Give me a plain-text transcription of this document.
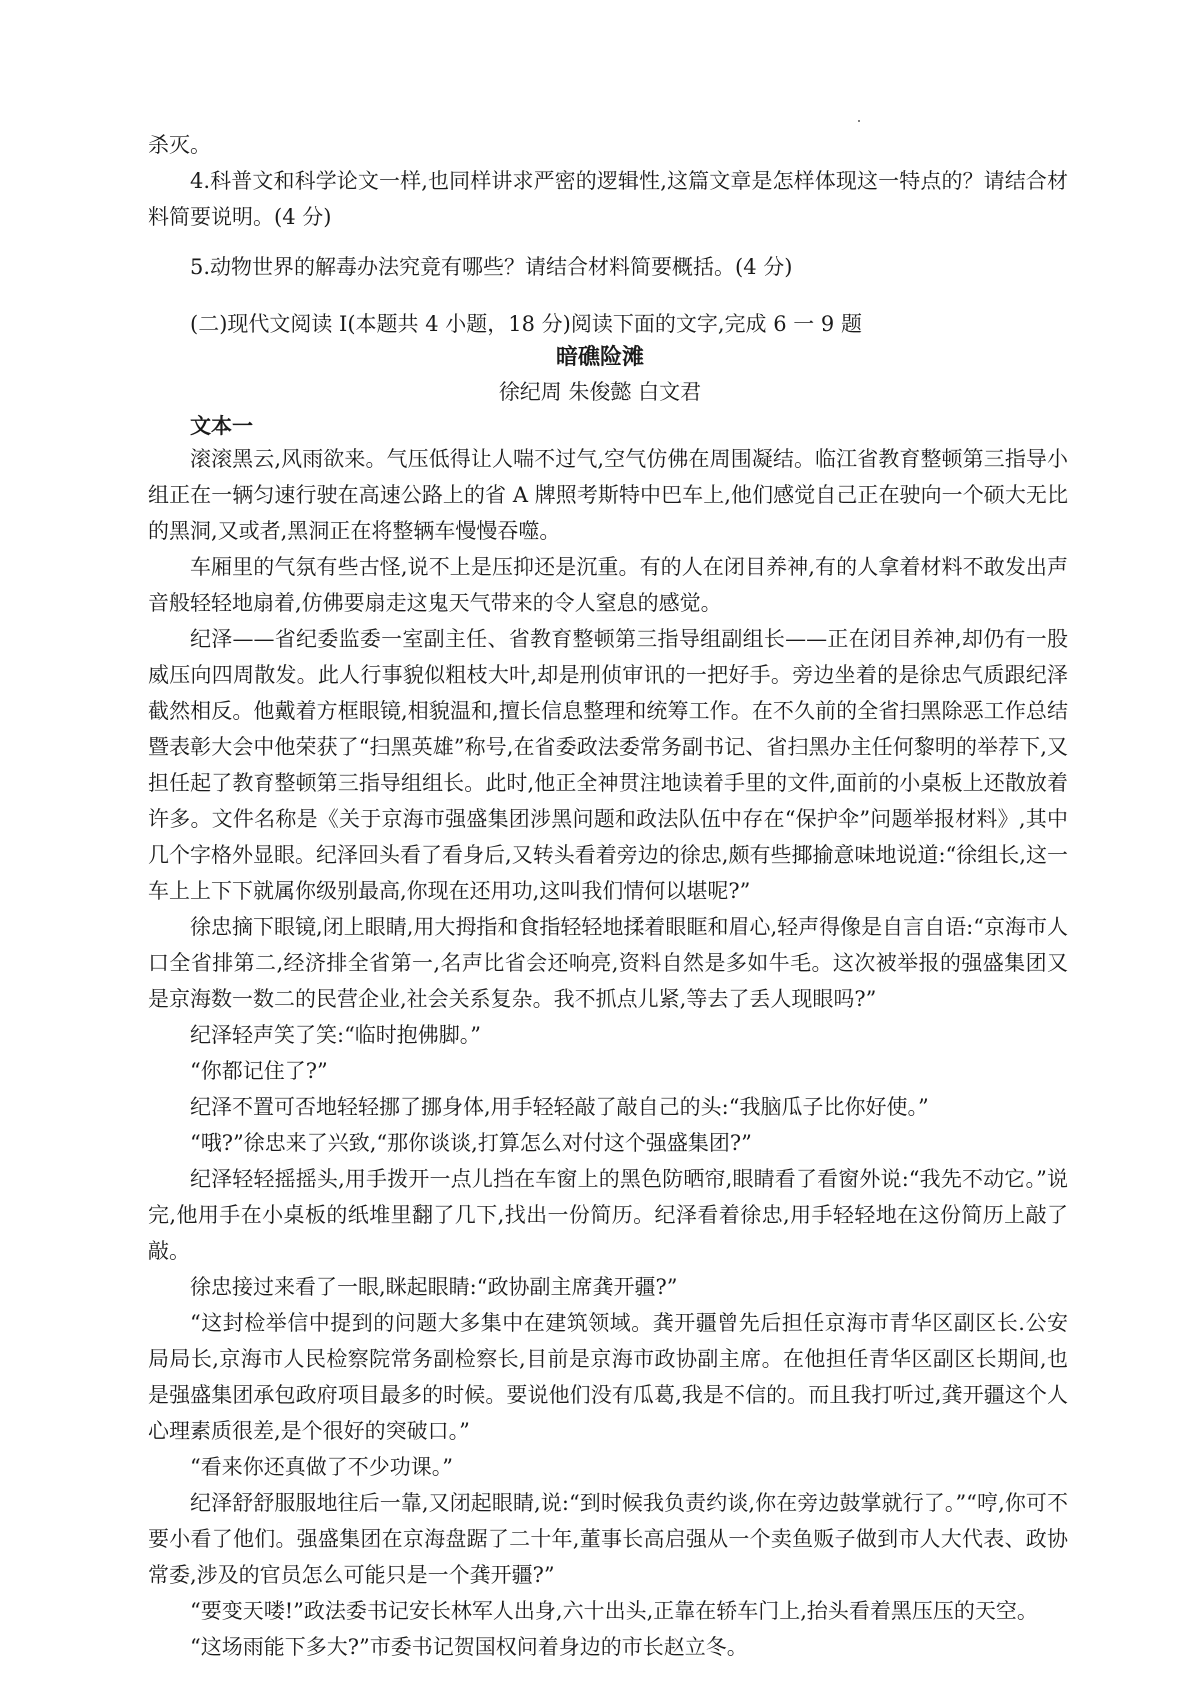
杀灭。

4.科普文和科学论文一样,也同样讲求严密的逻辑性,这篇文章是怎样体现这一特点的？请结合材料简要说明。(4 分)

5.动物世界的解毒办法究竟有哪些？请结合材料简要概括。(4 分)

(二)现代文阅读 I(本题共 4 小题，18 分)阅读下面的文字,完成 6 一 9 题

暗礁险滩
徐纪周 朱俊懿 白文君
文本一

滚滚黑云,风雨欲来。气压低得让人喘不过气,空气仿佛在周围凝结。临江省教育整顿第三指导小组正在一辆匀速行驶在高速公路上的省 A 牌照考斯特中巴车上,他们感觉自己正在驶向一个硕大无比的黑洞,又或者,黑洞正在将整辆车慢慢吞噬。

车厢里的气氛有些古怪,说不上是压抑还是沉重。有的人在闭目养神,有的人拿着材料不敢发出声音般轻轻地扇着,仿佛要扇走这鬼天气带来的令人窒息的感觉。

纪泽——省纪委监委一室副主任、省教育整顿第三指导组副组长——正在闭目养神,却仍有一股威压向四周散发。此人行事貌似粗枝大叶,却是刑侦审讯的一把好手。旁边坐着的是徐忠气质跟纪泽截然相反。他戴着方框眼镜,相貌温和,擅长信息整理和统筹工作。在不久前的全省扫黑除恶工作总结暨表彰大会中他荣获了“扫黑英雄”称号,在省委政法委常务副书记、省扫黑办主任何黎明的举荐下,又担任起了教育整顿第三指导组组长。此时,他正全神贯注地读着手里的文件,面前的小桌板上还散放着许多。文件名称是《关于京海市强盛集团涉黑问题和政法队伍中存在“保护伞”问题举报材料》,其中几个字格外显眼。纪泽回头看了看身后,又转头看着旁边的徐忠,颇有些揶揄意味地说道:“徐组长,这一车上上下下就属你级别最高,你现在还用功,这叫我们情何以堪呢?”

徐忠摘下眼镜,闭上眼睛,用大拇指和食指轻轻地揉着眼眶和眉心,轻声得像是自言自语:“京海市人口全省排第二,经济排全省第一,名声比省会还响亮,资料自然是多如牛毛。这次被举报的强盛集团又是京海数一数二的民营企业,社会关系复杂。我不抓点儿紧,等去了丢人现眼吗?”

纪泽轻声笑了笑:“临时抱佛脚。”

“你都记住了?”

纪泽不置可否地轻轻挪了挪身体,用手轻轻敲了敲自己的头:“我脑瓜子比你好使。”

“哦?”徐忠来了兴致,“那你谈谈,打算怎么对付这个强盛集团?”

纪泽轻轻摇摇头,用手拨开一点儿挡在车窗上的黑色防晒帘,眼睛看了看窗外说:“我先不动它。”说完,他用手在小桌板的纸堆里翻了几下,找出一份简历。纪泽看着徐忠,用手轻轻地在这份简历上敲了敲。

徐忠接过来看了一眼,眯起眼睛:“政协副主席龚开疆?”

“这封检举信中提到的问题大多集中在建筑领域。龚开疆曾先后担任京海市青华区副区长.公安局局长,京海市人民检察院常务副检察长,目前是京海市政协副主席。在他担任青华区副区长期间,也是强盛集团承包政府项目最多的时候。要说他们没有瓜葛,我是不信的。而且我打听过,龚开疆这个人心理素质很差,是个很好的突破口。”

“看来你还真做了不少功课。”

纪泽舒舒服服地往后一靠,又闭起眼睛,说:“到时候我负责约谈,你在旁边鼓掌就行了。”“哼,你可不要小看了他们。强盛集团在京海盘踞了二十年,董事长高启强从一个卖鱼贩子做到市人大代表、政协常委,涉及的官员怎么可能只是一个龚开疆?”

“要变天喽!”政法委书记安长林军人出身,六十出头,正靠在轿车门上,抬头看着黑压压的天空。

“这场雨能下多大?”市委书记贺国权问着身边的市长赵立冬。
